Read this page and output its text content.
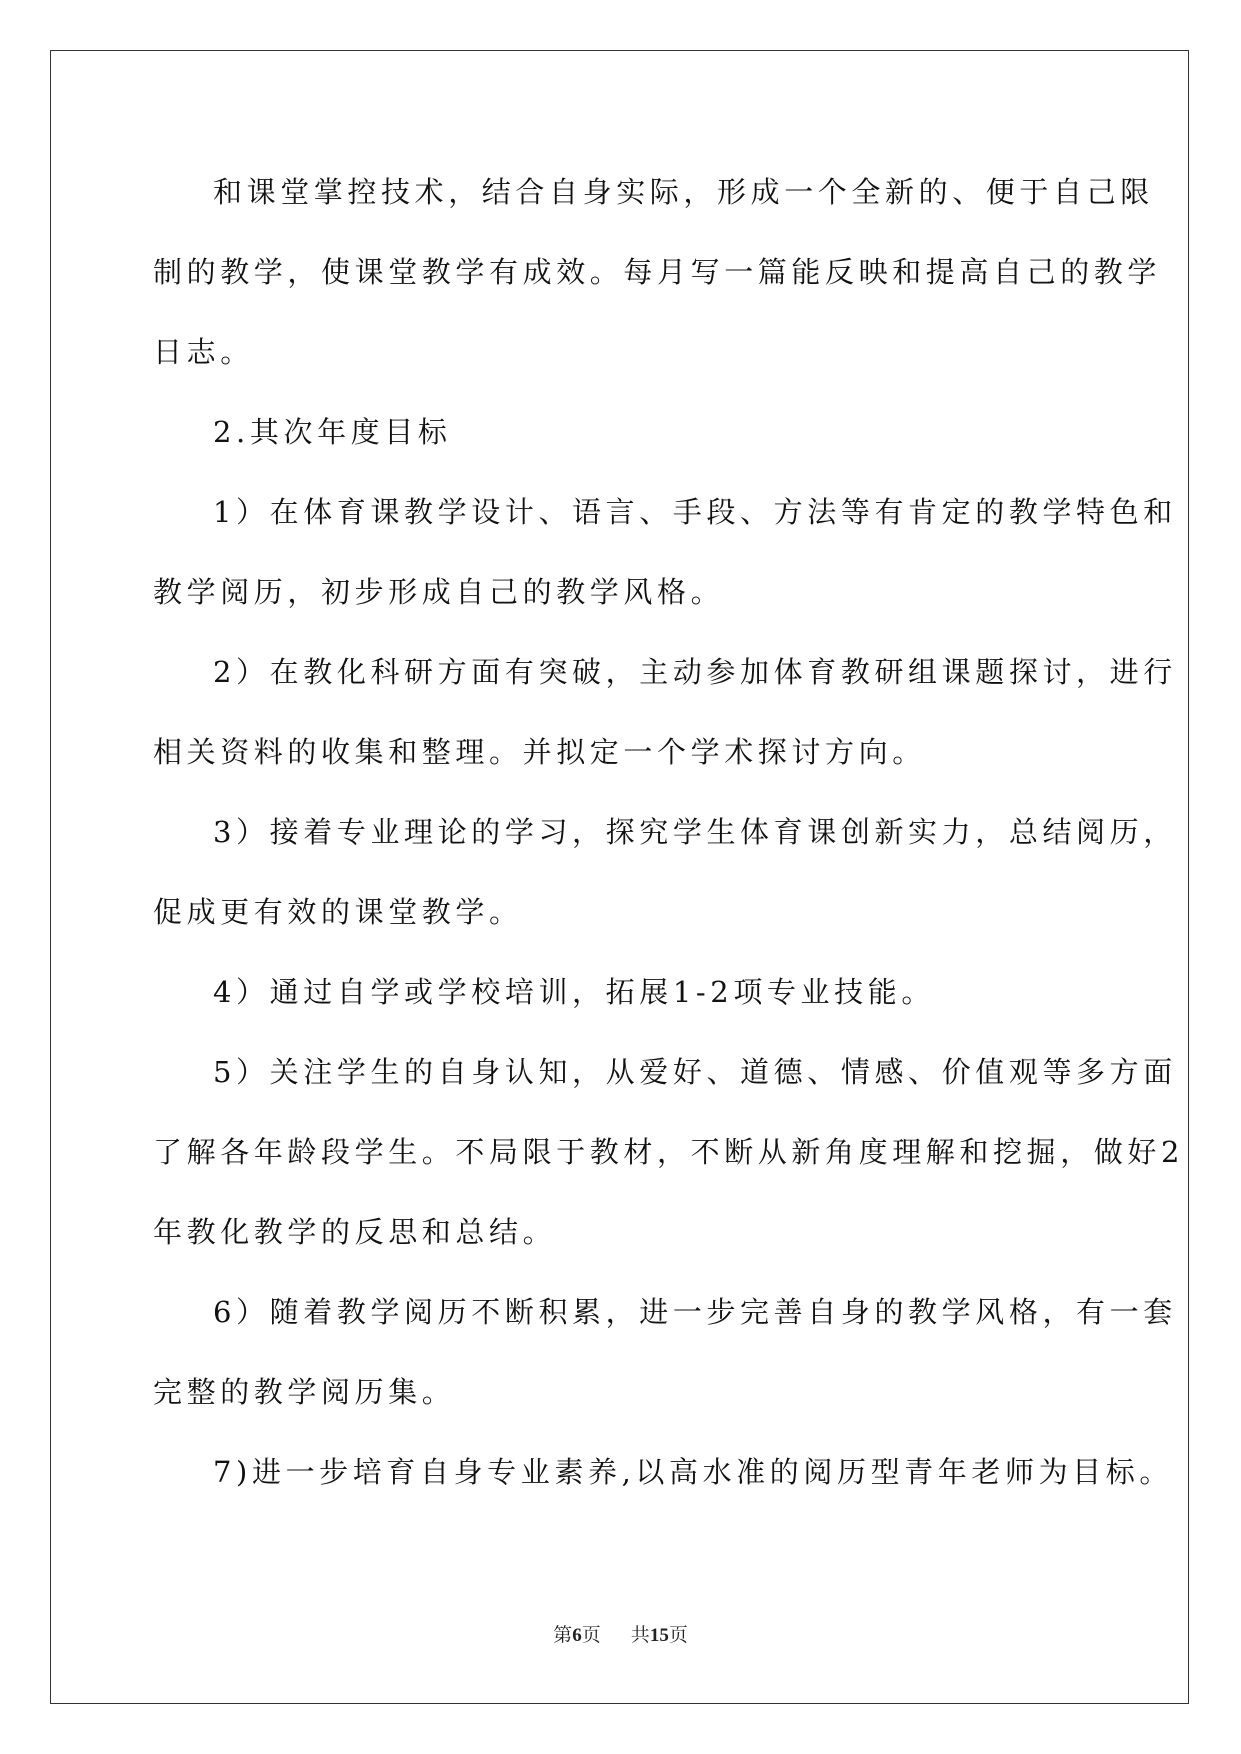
和课堂掌控技术，结合自身实际，形成一个全新的、便于自己限
制的教学，使课堂教学有成效。每月写一篇能反映和提高自己的教学
日志。
2.其次年度目标
1）在体育课教学设计、语言、手段、方法等有肯定的教学特色和
教学阅历，初步形成自己的教学风格。
2）在教化科研方面有突破，主动参加体育教研组课题探讨，进行
相关资料的收集和整理。并拟定一个学术探讨方向。
3）接着专业理论的学习，探究学生体育课创新实力，总结阅历，
促成更有效的课堂教学。
4）通过自学或学校培训，拓展1-2项专业技能。
5）关注学生的自身认知，从爱好、道德、情感、价值观等多方面
了解各年龄段学生。不局限于教材，不断从新角度理解和挖掘，做好2
年教化教学的反思和总结。
6）随着教学阅历不断积累，进一步完善自身的教学风格，有一套
完整的教学阅历集。
7)进一步培育自身专业素养,以高水准的阅历型青年老师为目标。
第6页 共15页
